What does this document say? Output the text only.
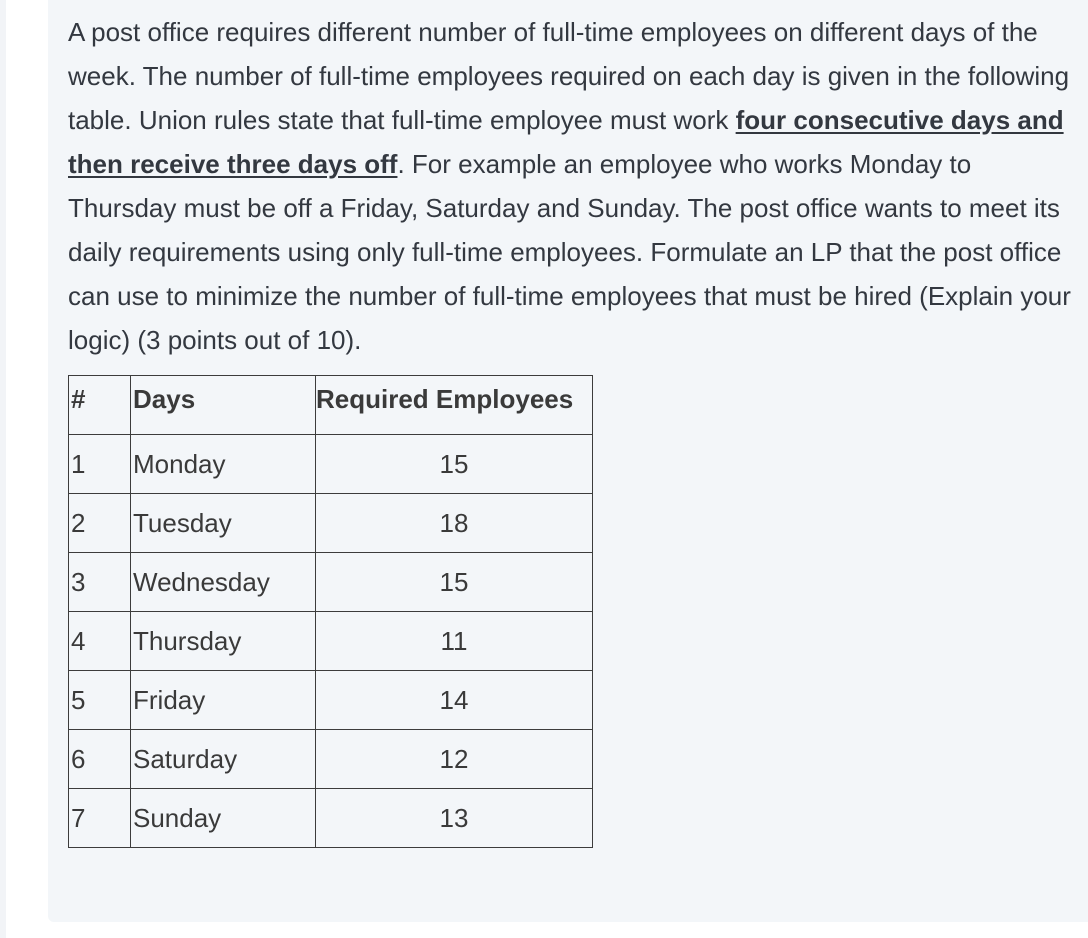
A post office requires different number of full-time employees on different days of the week. The number of full-time employees required on each day is given in the following table. Union rules state that full-time employee must work four consecutive days and then receive three days off. For example an employee who works Monday to Thursday must be off a Friday, Saturday and Sunday. The post office wants to meet its daily requirements using only full-time employees. Formulate an LP that the post office can use to minimize the number of full-time employees that must be hired (Explain your logic) (3 points out of 10).

#	Days	Required Employees
1	Monday	15
2	Tuesday	18
3	Wednesday	15
4	Thursday	11
5	Friday	14
6	Saturday	12
7	Sunday	13
